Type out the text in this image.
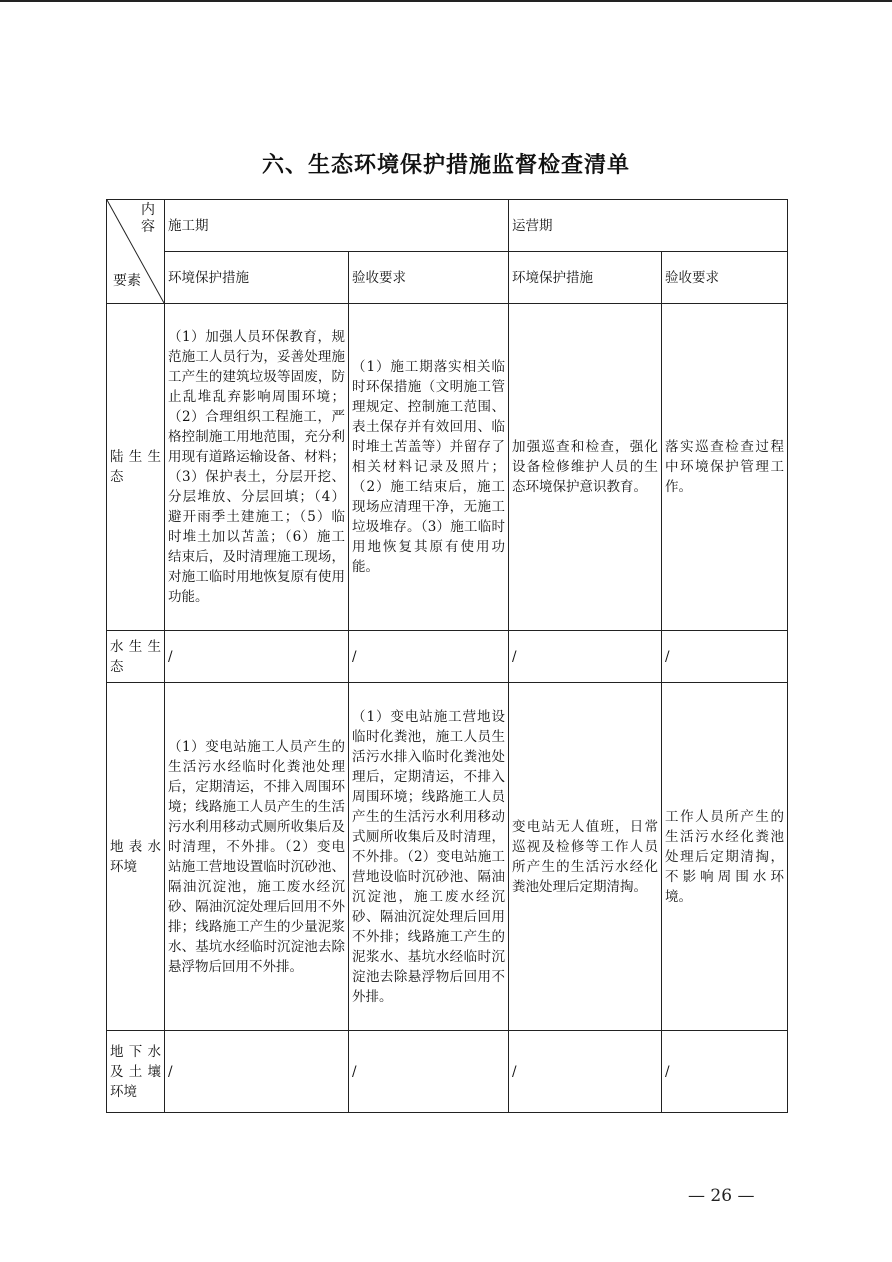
六、生态环境保护措施监督检查清单
内容
要素	施工期		运营期	
	环境保护措施	验收要求	环境保护措施	验收要求
陆生生态	（1）加强人员环保教育，规范施工人员行为，妥善处理施工产生的建筑垃圾等固废，防止乱堆乱弃影响周围环境；（2）合理组织工程施工，严格控制施工用地范围，充分利用现有道路运输设备、材料；（3）保护表土，分层开挖、分层堆放、分层回填；（4）避开雨季土建施工；（5）临时堆土加以苫盖；（6）施工结束后，及时清理施工现场，对施工临时用地恢复原有使用功能。	（1）施工期落实相关临时环保措施（文明施工管理规定、控制施工范围、表土保存并有效回用、临时堆土苫盖等）并留存了相关材料记录及照片；（2）施工结束后，施工现场应清理干净，无施工垃圾堆存。（3）施工临时用地恢复其原有使用功能。	加强巡查和检查，强化设备检修维护人员的生态环境保护意识教育。	落实巡查检查过程中环境保护管理工作。
水生生态	/	/	/	/
地表水环境	（1）变电站施工人员产生的生活污水经临时化粪池处理后，定期清运，不排入周围环境；线路施工人员产生的生活污水利用移动式厕所收集后及时清理，不外排。（2）变电站施工营地设置临时沉砂池、隔油沉淀池，施工废水经沉砂、隔油沉淀处理后回用不外排；线路施工产生的少量泥浆水、基坑水经临时沉淀池去除悬浮物后回用不外排。	（1）变电站施工营地设临时化粪池，施工人员生活污水排入临时化粪池处理后，定期清运，不排入周围环境；线路施工人员产生的生活污水利用移动式厕所收集后及时清理，不外排。（2）变电站施工营地设临时沉砂池、隔油沉淀池，施工废水经沉砂、隔油沉淀处理后回用不外排；线路施工产生的泥浆水、基坑水经临时沉淀池去除悬浮物后回用不外排。	变电站无人值班，日常巡视及检修等工作人员所产生的生活污水经化粪池处理后定期清掏。	工作人员所产生的生活污水经化粪池处理后定期清掏，不影响周围水环境。
地下水及土壤环境	/	/	/	/
— 26 —
